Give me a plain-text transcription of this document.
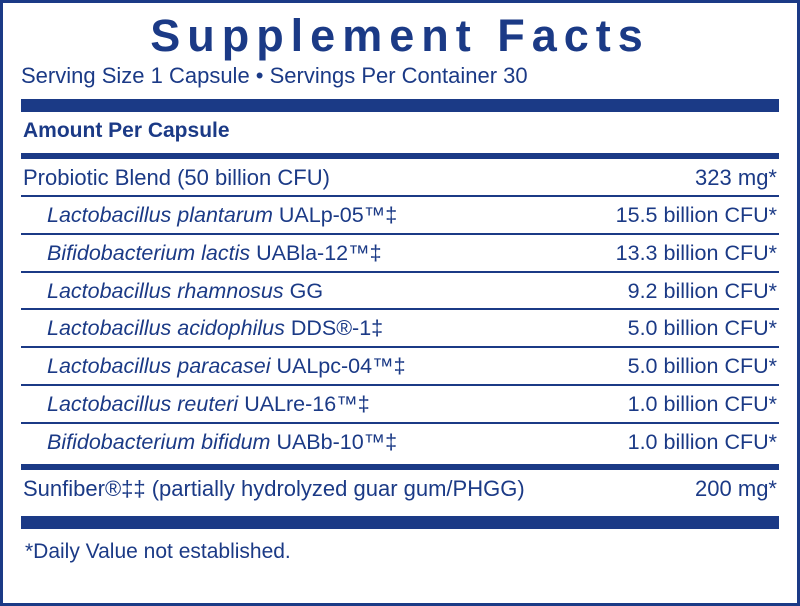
Supplement Facts
Serving Size 1 Capsule • Servings Per Container 30
Amount Per Capsule
Probiotic Blend (50 billion CFU)	323 mg*
Lactobacillus plantarum UALp-05™‡	15.5 billion CFU*
Bifidobacterium lactis UABla-12™‡	13.3 billion CFU*
Lactobacillus rhamnosus GG	9.2 billion CFU*
Lactobacillus acidophilus DDS®-1‡	5.0 billion CFU*
Lactobacillus paracasei UALpc-04™‡	5.0 billion CFU*
Lactobacillus reuteri UALre-16™‡	1.0 billion CFU*
Bifidobacterium bifidum UABb-10™‡	1.0 billion CFU*
Sunfiber®‡‡ (partially hydrolyzed guar gum/PHGG)	200 mg*
*Daily Value not established.
